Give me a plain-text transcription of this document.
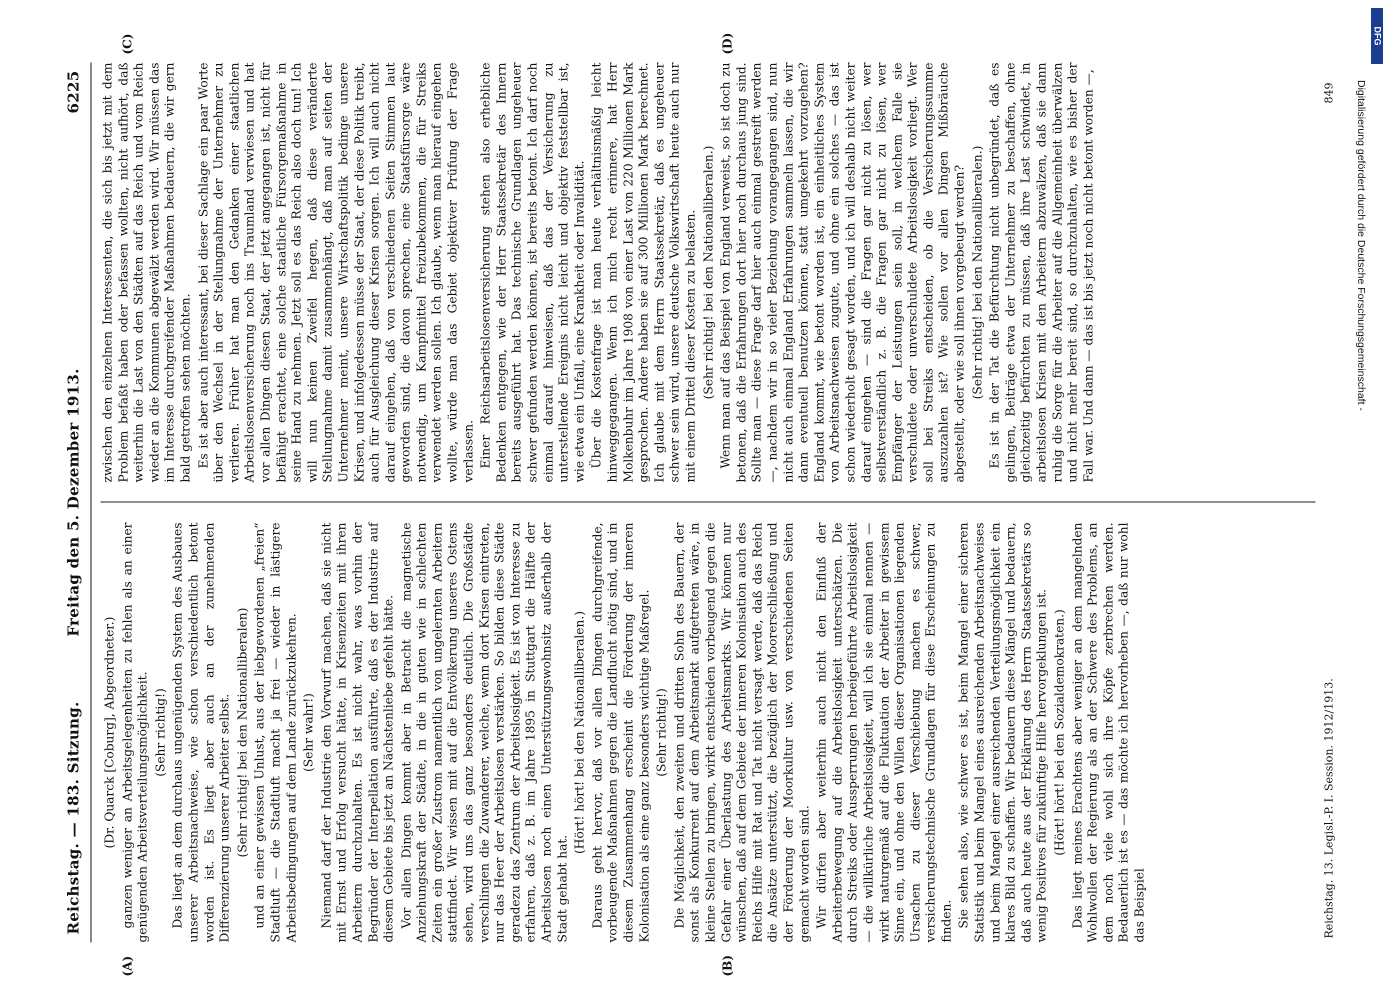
Reichstag. — 183. Sitzung.
Freitag den 5. Dezember 1913.
6225
(A)	(B)
(C)	(D)

(Dr. Quarck [Coburg], Abgeordneter.) ganzen weniger an Arbeitsgelegenheiten zu fehlen als an einer genügenden Arbeitsverteilungsmöglichkeit. (Sehr richtig!) Das liegt an dem durchaus ungenügenden System des Ausbaues unserer Arbeitsnachweise, wie schon verschiedentlich betont worden ist. Es liegt aber auch an der zunehmenden Differenzierung unserer Arbeiter selbst. (Sehr richtig! bei den Nationalliberalen) und an einer gewissen Unlust, aus der liebgewordenen „freien“ Stadtluft — die Stadtluft macht ja frei — wieder in lästigere Arbeitsbedingungen auf dem Lande zurückzukehren. (Sehr wahr!) Niemand darf der Industrie den Vorwurf machen, daß sie nicht mit Ernst und Erfolg versucht hätte, in Krisenzeiten mit ihren Arbeitern durchzuhalten. Es ist nicht wahr, was vorhin der Begründer der Interpellation ausführte, daß es der Industrie auf diesem Gebiete bis jetzt an Nächstenliebe gefehlt hätte. Vor allen Dingen kommt aber in Betracht die magnetische Anziehungskraft der Städte, in die in guten wie in schlechten Zeiten ein großer Zustrom namentlich von ungelernten Arbeitern stattfindet. Wir wissen mit auf die Entvölkerung unseres Ostens sehen, wird uns das ganz besonders deutlich. Die Großstädte verschlingen die Zuwanderer, welche, wenn dort Krisen eintreten, nur das Heer der Arbeitslosen verstärken. So bilden diese Städte geradezu das Zentrum der Arbeitslosigkeit. Es ist von Interesse zu erfahren, daß z. B. im Jahre 1895 in Stuttgart die Hälfte der Arbeitslosen noch einen Unterstützungswohnsitz außerhalb der Stadt gehabt hat.

(Hört! hört! bei den Nationalliberalen.) Daraus geht hervor, daß vor allen Dingen durchgreifende, vorbeugende Maßnahmen gegen die Landflucht nötig sind, und in diesem Zusammenhang erscheint die Förderung der inneren Kolonisation als eine ganz besonders wichtige Maßregel. (Sehr richtig!) Die Möglichkeit, den zweiten und dritten Sohn des Bauern, der sonst als Konkurrent auf dem Arbeitsmarkt aufgetreten wäre, in kleine Stellen zu bringen, wirkt entschieden vorbeugend gegen die Gefahr einer Überlastung des Arbeitsmarkts. Wir können nur wünschen, daß auf dem Gebiete der inneren Kolonisation auch des Reichs Hilfe mit Rat und Tat nicht versagt werde, daß das Reich die Ansätze unterstützt, die bezüglich der Moorerschließung und der Förderung der Moorkultur usw. von verschiedenen Seiten gemacht worden sind. Wir dürfen aber weiterhin auch nicht den Einfluß der Arbeiterbewegung auf die Arbeitslosigkeit unterschätzen. Die durch Streiks oder Aussperrungen herbeigeführte Arbeitslosigkeit — die willkürliche Arbeitslosigkeit, will ich sie einmal nennen — wirkt naturgemäß auf die Fluktuation der Arbeiter in gewissem Sinne ein, und ohne den Willen dieser Organisationen liegenden Ursachen zu dieser Verschiebung machen es schwer, versicherungstechnische Grundlagen für diese Erscheinungen zu finden. Sie sehen also, wie schwer es ist, beim Mangel einer sicheren Statistik und beim Mangel eines ausreichenden Arbeitsnachweises und beim Mangel einer ausreichenden Verteilungsmöglichkeit ein klares Bild zu schaffen. Wir bedauern diese Mängel und bedauern, daß auch heute aus der Erklärung des Herrn Staatssekretärs so wenig Positives für zukünftige Hilfe hervorgeklungen ist. (Hört! hört! bei den Sozialdemokraten.) Das liegt meines Erachtens aber weniger an dem mangelnden Wohlwollen der Regierung als an der Schwere des Problems, an dem noch viele wohl sich ihre Köpfe zerbrechen werden. Bedauerlich ist es — das möchte ich hervorheben —, daß nur wohl das Beispiel

zwischen den einzelnen Interessenten, die sich bis jetzt mit dem Problem befaßt haben oder befassen wollten, nicht aufhört, daß weiterhin die Last von den Städten auf das Reich und vom Reich wieder an die Kommunen abgewälzt werden wird. Wir müssen das im Interesse durchgreifender Maßnahmen bedauern, die wir gern bald getroffen sehen möchten. Es ist aber auch interessant, bei dieser Sachlage ein paar Worte über den Wechsel in der Stellungnahme der Unternehmer zu verlieren. Früher hat man den Gedanken einer staatlichen Arbeitslosenversicherung noch ins Traumland verwiesen und hat vor allen Dingen diesen Staat, der jetzt angegangen ist, nicht für befähigt erachtet, eine solche staatliche Fürsorgemaßnahme in seine Hand zu nehmen. Jetzt soll es das Reich also doch tun! Ich will nun keinen Zweifel hegen, daß diese veränderte Stellungnahme damit zusammenhängt, daß man auf seiten der Unternehmer meint, unsere Wirtschaftspolitik bedinge unsere Krisen, und infolgedessen müsse der Staat, der diese Politik treibt, auch für Ausgleichung dieser Krisen sorgen. Ich will auch nicht darauf eingehen, daß von verschiedenen Seiten Stimmen laut geworden sind, die davon sprechen, eine Staatsfürsorge wäre notwendig, um Kampfmittel freizubekommen, die für Streiks verwendet werden sollen. Ich glaube, wenn man hierauf eingehen wollte, würde man das Gebiet objektiver Prüfung der Frage verlassen. Einer Reichsarbeitslosenversicherung stehen also erhebliche Bedenken entgegen, wie der Herr Staatssekretär des Innern bereits ausgeführt hat. Das technische Grundlagen ungeheuer schwer gefunden werden können, ist bereits betont. Ich darf noch einmal darauf hinweisen, daß das der Versicherung zu unterstellende Ereignis nicht leicht und objektiv feststellbar ist, wie etwa ein Unfall, eine Krankheit oder Invalidität. Über die Kostenfrage ist man heute verhältnismäßig leicht hinweggegangen. Wenn ich mich recht erinnere, hat Herr Molkenbuhr im Jahre 1908 von einer Last von 220 Millionen Mark gesprochen. Andere haben sie auf 300 Millionen Mark berechnet. Ich glaube mit dem Herrn Staatssekretär, daß es ungeheuer schwer sein wird, unsere deutsche Volkswirtschaft heute auch nur mit einem Drittel dieser Kosten zu belasten. (Sehr richtig! bei den Nationalliberalen.) Wenn man auf das Beispiel von England verweist, so ist doch zu betonen, daß die Erfahrungen dort hier noch durchaus jung sind. Sollte man — diese Frage darf hier auch einmal gestreift werden —, nachdem wir in so vieler Beziehung vorangegangen sind, nun nicht auch einmal England Erfahrungen sammeln lassen, die wir dann eventuell benutzen können, statt umgekehrt vorzugehen? England kommt, wie betont worden ist, ein einheitliches System von Arbeitsnachweisen zugute, und ohne ein solches — das ist schon wiederholt gesagt worden, und ich will deshalb nicht weiter darauf eingehen — sind die Fragen gar nicht zu lösen, wer selbstverständlich z. B. die Fragen gar nicht zu lösen, wer Empfänger der Leistungen sein soll, in welchem Falle sie verschuldete oder unverschuldete Arbeitslosigkeit vorliegt. Wer soll bei Streiks entscheiden, ob die Versicherungssumme auszuzahlen ist? Wie sollen vor allen Dingen Mißbräuche abgestellt, oder wie soll ihnen vorgebeugt werden? (Sehr richtig! bei den Nationalliberalen.) Es ist in der Tat die Befürchtung nicht unbegründet, daß es gelingen, Beiträge etwa der Unternehmer zu beschaffen, ohne gleichzeitig befürchten zu müssen, daß ihre Last schwindet, in arbeitslosen Krisen mit den Arbeitern abzuwälzen, daß sie dann ruhig die Sorge für die Arbeiter auf die Allgemeinheit überwälzen und nicht mehr bereit sind, so durchzuhalten, wie es bisher der Fall war. Und dann — das ist bis jetzt noch nicht betont worden —,

Reichstag. 13. Legisl.-P. I. Session. 1912/1913.
849
DFG
Digitalisierung gefördert durch die Deutsche Forschungsgemeinschaft -
